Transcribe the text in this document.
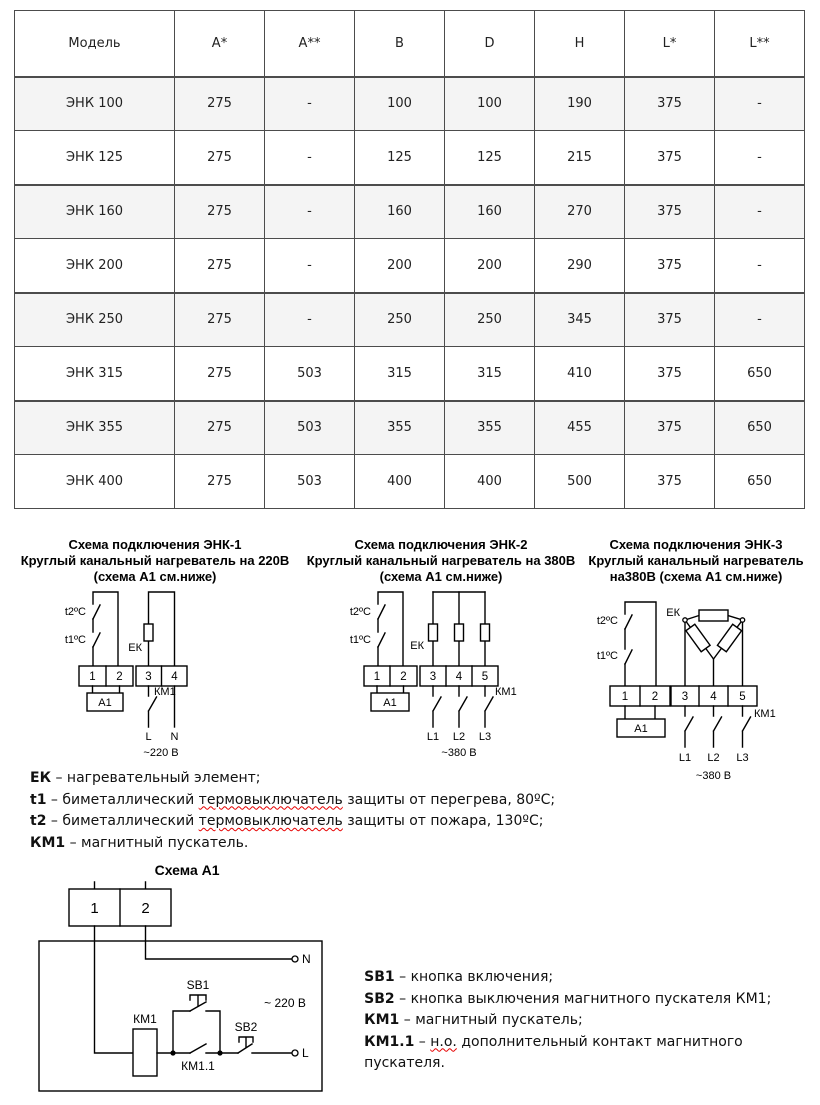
Модель	A*	A**	B	D	H	L*	L**
ЭНК 100	275	-	100	100	190	375	-
ЭНК 125	275	-	125	125	215	375	-
ЭНК 160	275	-	160	160	270	375	-
ЭНК 200	275	-	200	200	290	375	-
ЭНК 250	275	-	250	250	345	375	-
ЭНК 315	275	503	315	315	410	375	650
ЭНК 355	275	503	355	355	455	375	650
ЭНК 400	275	503	400	400	500	375	650
Схема подключения ЭНК-1
Круглый канальный нагреватель на 220В
(схема А1 см.ниже)
t2ºC
t1ºC
ЕК
1 2 3 4
А1
КМ1
L N
~220 В
Схема подключения ЭНК-2
Круглый канальный нагреватель на 380В
(схема А1 см.ниже)
t2ºC
t1ºC	ЕК
1 2 3 4 5
А1
КМ1
L1 L2 L3
~380 В
Схема подключения ЭНК-3
Круглый канальный нагреватель
на380В (схема А1 см.ниже)
t2ºC
t1ºC
ЕК
1 2 3 4 5
А1
КМ1
L1 L2 L3
~380 В
ЕК – нагревательный элемент;
t1 – биметаллический термовыключатель защиты от перегрева, 80ºС;
t2 – биметаллический термовыключатель защиты от пожара, 130ºС;
КМ1 – магнитный пускатель.
Схема А1
1	2
КМ1
КМ1.1
SB1
SB2
N
L
~ 220 В
SB1 – кнопка включения;
SB2 – кнопка выключения магнитного пускателя КМ1;
КМ1 – магнитный пускатель;
КМ1.1 – н.о. дополнительный контакт магнитного пускателя.
